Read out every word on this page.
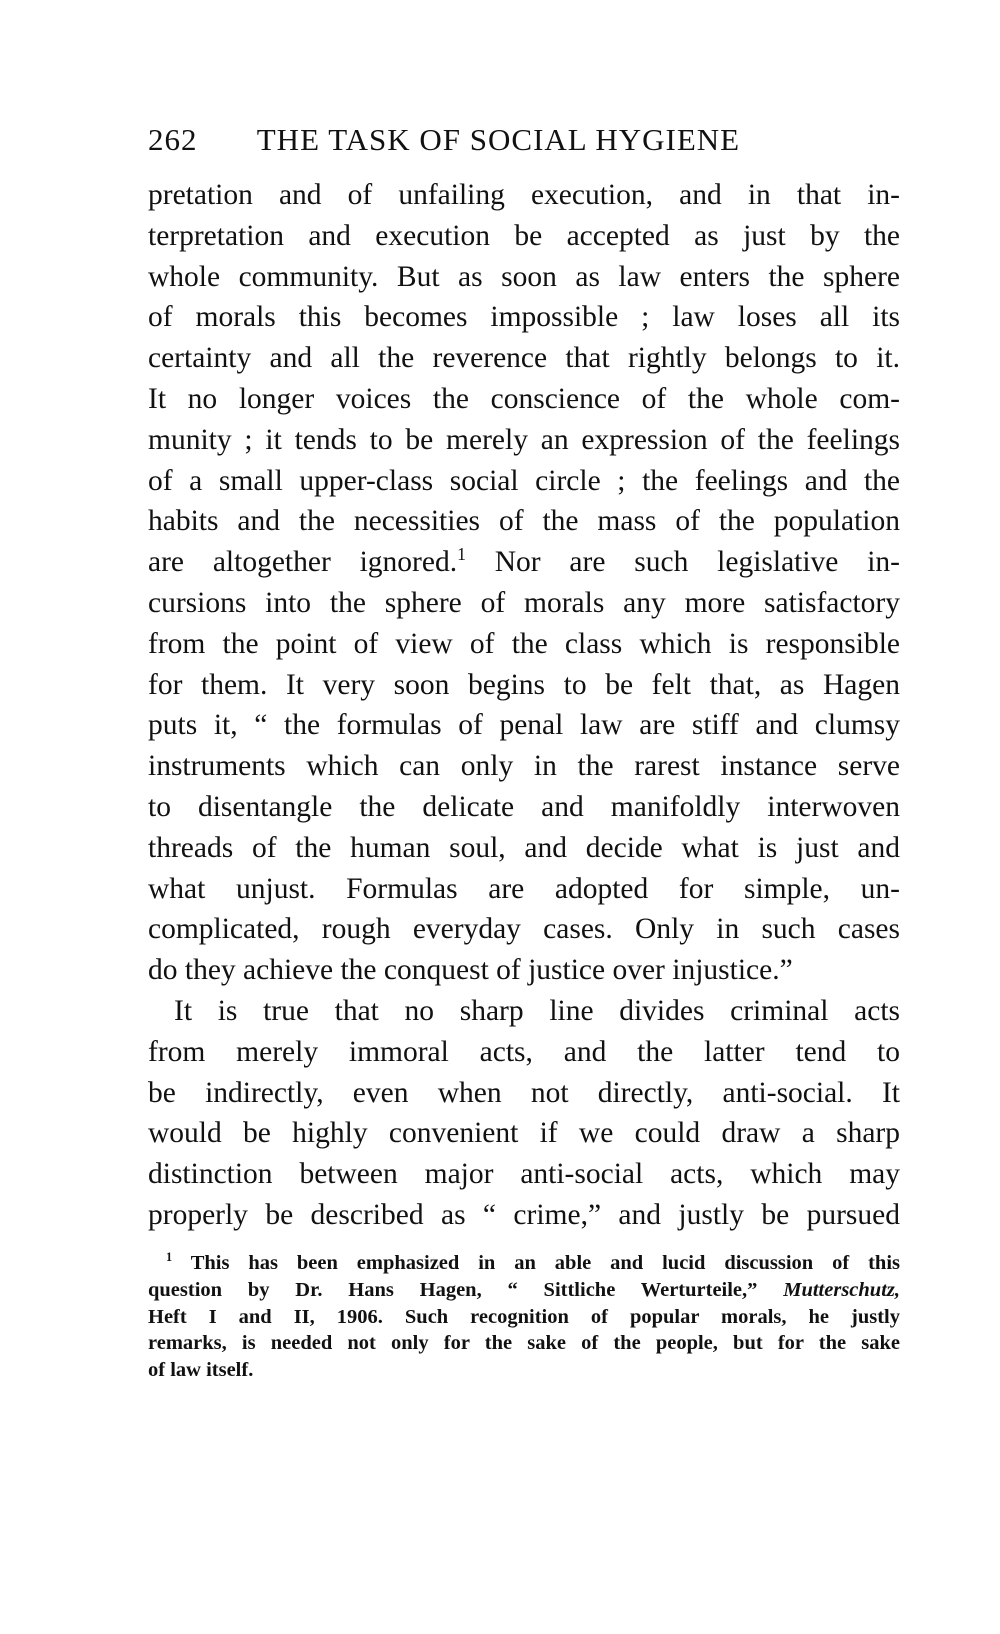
262 THE TASK OF SOCIAL HYGIENE
pretation and of unfailing execution, and in that in-
terpretation and execution be accepted as just by the
whole community. But as soon as law enters the sphere
of morals this becomes impossible ; law loses all its
certainty and all the reverence that rightly belongs to it.
It no longer voices the conscience of the whole com-
munity ; it tends to be merely an expression of the feelings
of a small upper-class social circle ; the feelings and the
habits and the necessities of the mass of the population
are altogether ignored.$^1$ Nor are such legislative in-
cursions into the sphere of morals any more satisfactory
from the point of view of the class which is responsible
for them. It very soon begins to be felt that, as Hagen
puts it, “ the formulas of penal law are stiff and clumsy
instruments which can only in the rarest instance serve
to disentangle the delicate and manifoldly interwoven
threads of the human soul, and decide what is just and
what unjust. Formulas are adopted for simple, un-
complicated, rough everyday cases. Only in such cases
do they achieve the conquest of justice over injustice.”
It is true that no sharp line divides criminal acts
from merely immoral acts, and the latter tend to
be indirectly, even when not directly, anti-social. It
would be highly convenient if we could draw a sharp
distinction between major anti-social acts, which may
properly be described as “ crime,” and justly be pursued
$^1$ This has been emphasized in an able and lucid discussion of this
question by Dr. Hans Hagen, “ Sittliche Werturteile,” Mutterschutz,
Heft I and II, 1906. Such recognition of popular morals, he justly
remarks, is needed not only for the sake of the people, but for the sake
of law itself.
